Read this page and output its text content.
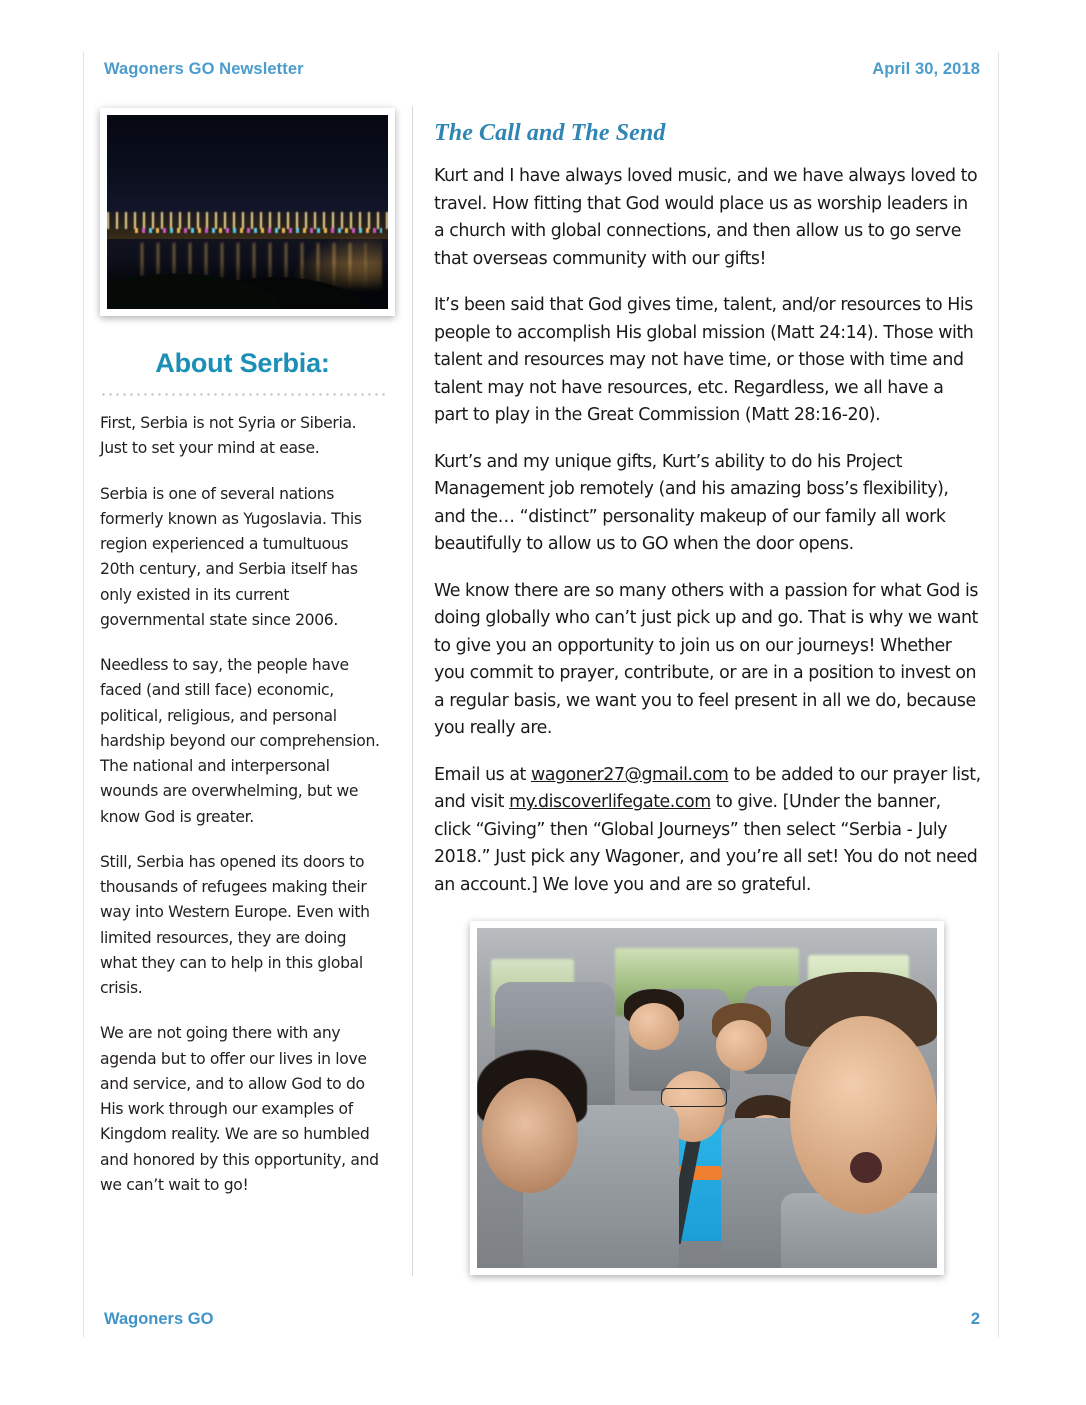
Wagoners GO Newsletter	April 30, 2018
About Serbia:

First, Serbia is not Syria or Siberia. Just to set your mind at ease.

Serbia is one of several nations formerly known as Yugoslavia. This region experienced a tumultuous 20th century, and Serbia itself has only existed in its current governmental state since 2006.

Needless to say, the people have faced (and still face) economic, political, religious, and personal hardship beyond our comprehension. The national and interpersonal wounds are overwhelming, but we know God is greater.

Still, Serbia has opened its doors to thousands of refugees making their way into Western Europe. Even with limited resources, they are doing what they can to help in this global crisis.

We are not going there with any agenda but to offer our lives in love and service, and to allow God to do His work through our examples of Kingdom reality. We are so humbled and honored by this opportunity, and we can’t wait to go!

The Call and The Send

Kurt and I have always loved music, and we have always loved to travel. How fitting that God would place us as worship leaders in a church with global connections, and then allow us to go serve that overseas community with our gifts!

It’s been said that God gives time, talent, and/or resources to His people to accomplish His global mission (Matt 24:14). Those with talent and resources may not have time, or those with time and talent may not have resources, etc. Regardless, we all have a part to play in the Great Commission (Matt 28:16-20).

Kurt’s and my unique gifts, Kurt’s ability to do his Project Management job remotely (and his amazing boss’s flexibility), and the… “distinct” personality makeup of our family all work beautifully to allow us to GO when the door opens.

We know there are so many others with a passion for what God is doing globally who can’t just pick up and go. That is why we want to give you an opportunity to join us on our journeys! Whether you commit to prayer, contribute, or are in a position to invest on a regular basis, we want you to feel present in all we do, because you really are.

Email us at wagoner27@gmail.com to be added to our prayer list, and visit my.discoverlifegate.com to give. [Under the banner, click “Giving” then “Global Journeys” then select “Serbia - July 2018.” Just pick any Wagoner, and you’re all set! You do not need an account.] We love you and are so grateful.

Wagoners GO	2
